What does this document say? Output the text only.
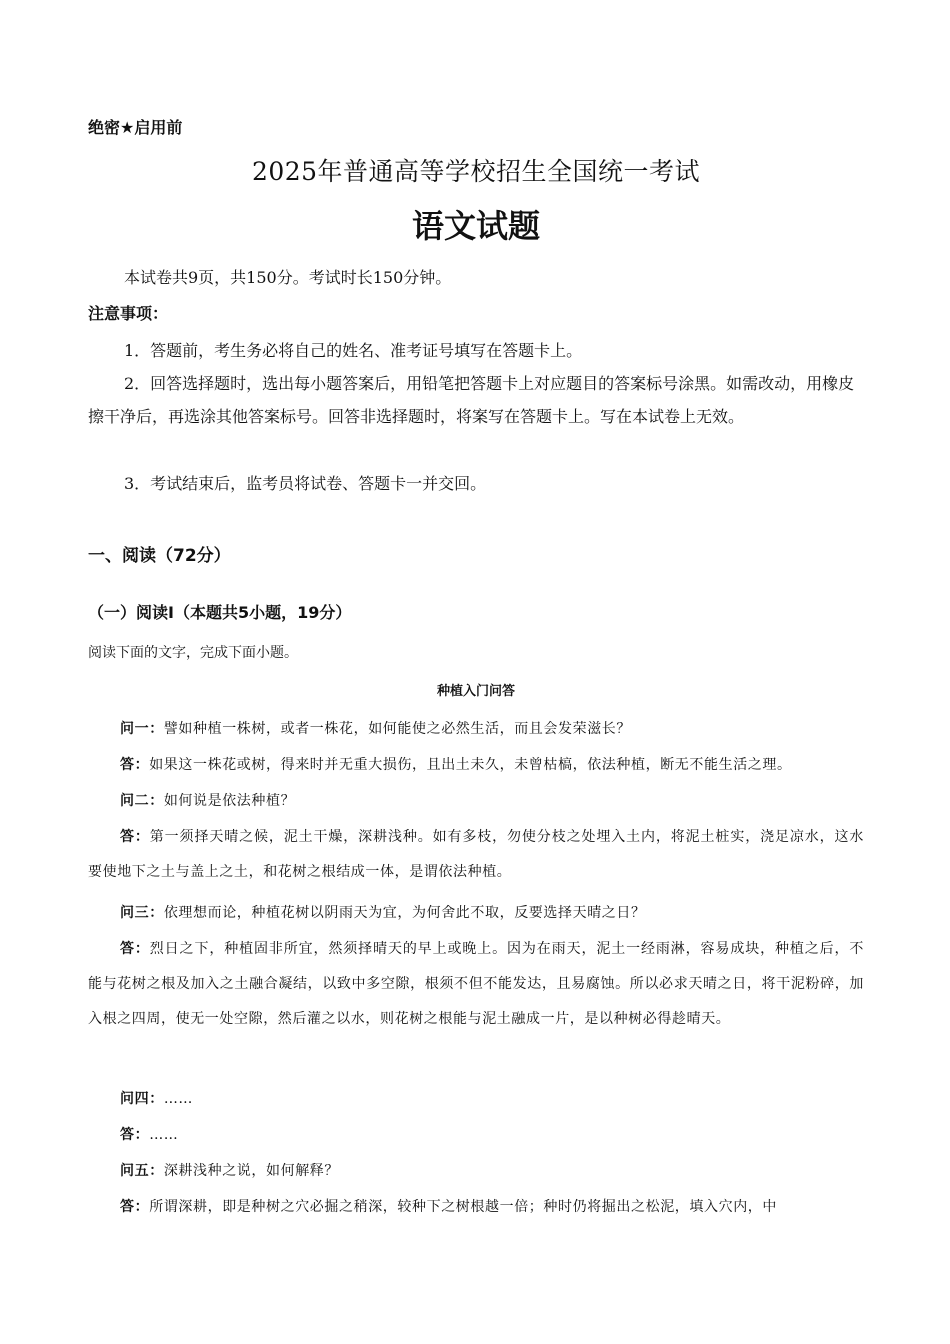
绝密★启用前
2025年普通高等学校招生全国统一考试
语文试题
本试卷共9页，共150分。考试时长150分钟。
注意事项：

1．答题前，考生务必将自己的姓名、准考证号填写在答题卡上。

2．回答选择题时，选出每小题答案后，用铅笔把答题卡上对应题目的答案标号涂黑。如需改动，用橡皮擦干净后，再选涂其他答案标号。回答非选择题时，将案写在答题卡上。写在本试卷上无效。

3．考试结束后，监考员将试卷、答题卡一并交回。

一、阅读（72分）
（一）阅读I（本题共5小题，19分）
阅读下面的文字，完成下面小题。
种植入门问答

问一：譬如种植一株树，或者一株花，如何能使之必然生活，而且会发荣滋长？

答：如果这一株花或树，得来时并无重大损伤，且出土未久，未曾枯槁，依法种植，断无不能生活之理。

问二：如何说是依法种植？

答：第一须择天晴之候，泥土干燥，深耕浅种。如有多枝，勿使分枝之处埋入土内，将泥土桩实，浇足凉水，这水要使地下之土与盖上之土，和花树之根结成一体，是谓依法种植。

问三：依理想而论，种植花树以阴雨天为宜，为何舍此不取，反要选择天晴之日？

答：烈日之下，种植固非所宜，然须择晴天的早上或晚上。因为在雨天，泥土一经雨淋，容易成块，种植之后，不能与花树之根及加入之土融合凝结，以致中多空隙，根须不但不能发达，且易腐蚀。所以必求天晴之日，将干泥粉碎，加入根之四周，使无一处空隙，然后灌之以水，则花树之根能与泥土融成一片，是以种树必得趁晴天。

问四：……

答：……

问五：深耕浅种之说，如何解释？

答：所谓深耕，即是种树之穴必掘之稍深，较种下之树根越一倍；种时仍将掘出之松泥，填入穴内，中
